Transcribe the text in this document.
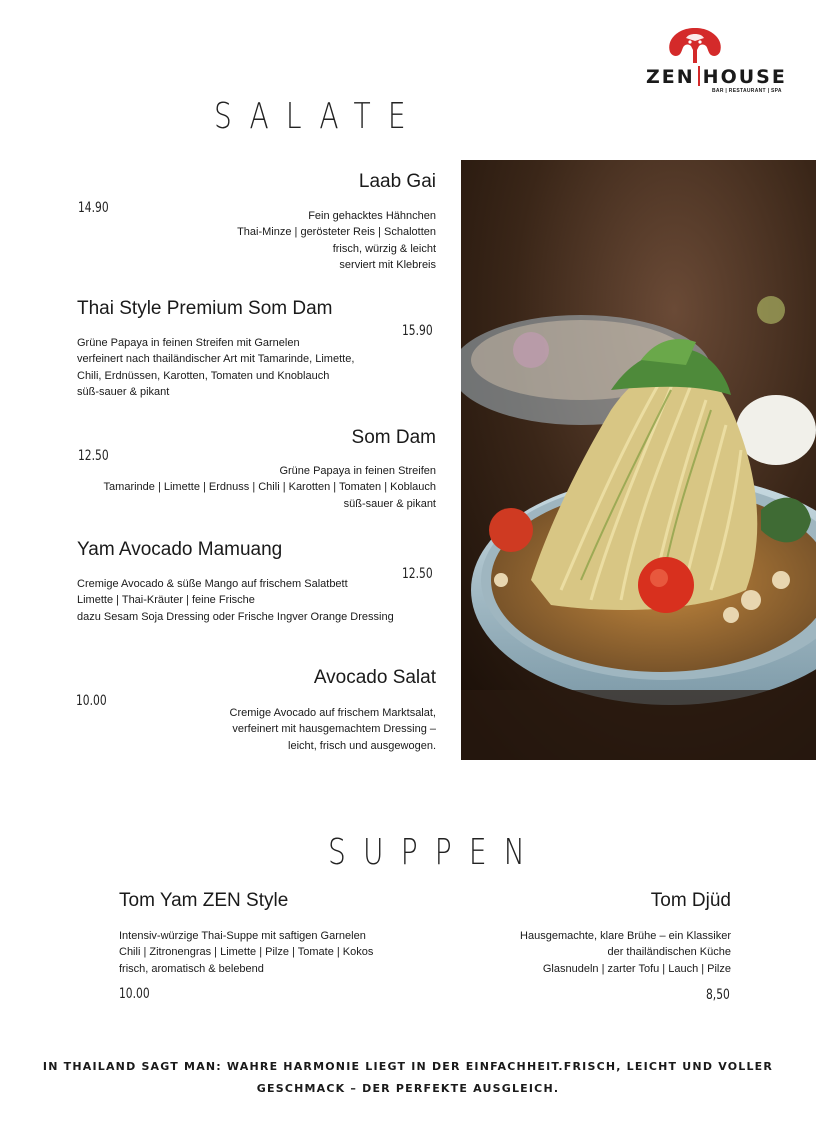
ZEN HOUSE
BAR | RESTAURANT | SPA
SALATE
Laab Gai
14.90	Fein gehacktes Hähnchen
Thai-Minze | gerösteter Reis | Schalotten
frisch, würzig & leicht
serviert mit Klebreis
Thai Style Premium Som Dam
15.90
Grüne Papaya in feinen Streifen mit Garnelen
verfeinert nach thailändischer Art mit Tamarinde, Limette,
Chili, Erdnüssen, Karotten, Tomaten und Knoblauch
süß-sauer & pikant
Som Dam
12.50
Grüne Papaya in feinen Streifen
Tamarinde | Limette | Erdnuss | Chili | Karotten | Tomaten | Koblauch
süß-sauer & pikant
Yam Avocado Mamuang
12.50
Cremige Avocado & süße Mango auf frischem Salatbett
Limette | Thai-Kräuter | feine Frische
dazu Sesam Soja Dressing oder Frische Ingver Orange Dressing
Avocado Salat
10.00
Cremige Avocado auf frischem Marktsalat,
verfeinert mit hausgemachtem Dressing –
leicht, frisch und ausgewogen.
SUPPEN
Tom Yam ZEN Style
Intensiv-würzige Thai-Suppe mit saftigen Garnelen
Chili | Zitronengras | Limette | Pilze | Tomate | Kokos
frisch, aromatisch & belebend
10.00
Tom Djüd
Hausgemachte, klare Brühe – ein Klassiker
der thailändischen Küche
Glasnudeln | zarter Tofu | Lauch | Pilze
8,50
IN THAILAND SAGT MAN: WAHRE HARMONIE LIEGT IN DER EINFACHHEIT.FRISCH, LEICHT UND VOLLER
GESCHMACK – DER PERFEKTE AUSGLEICH.
